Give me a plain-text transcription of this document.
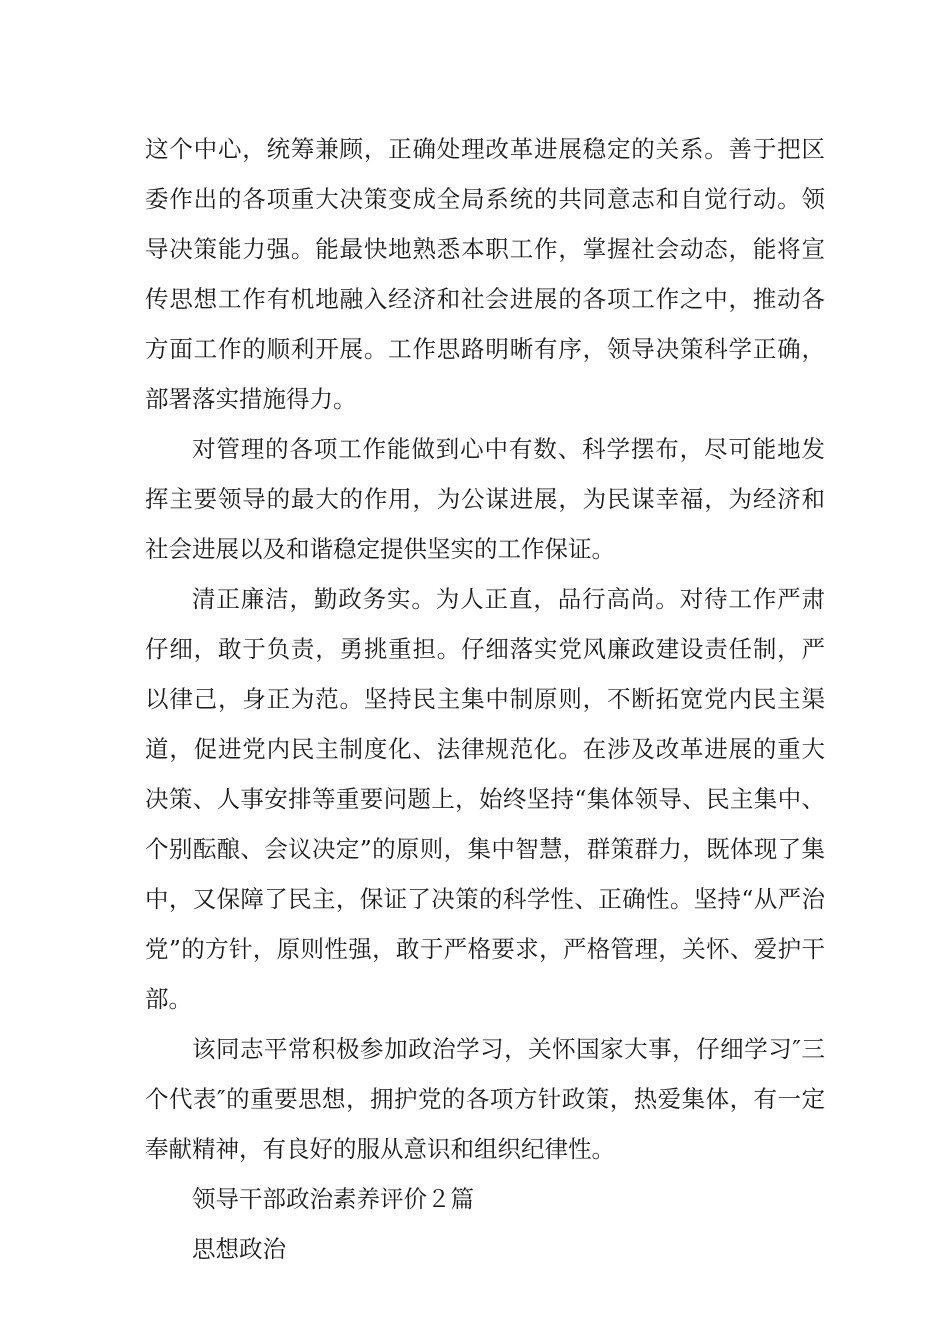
这个中心，统筹兼顾，正确处理改革进展稳定的关系。善于把区委作出的各项重大决策变成全局系统的共同意志和自觉行动。领导决策能力强。能最快地熟悉本职工作，掌握社会动态，能将宣传思想工作有机地融入经济和社会进展的各项工作之中，推动各方面工作的顺利开展。工作思路明晰有序，领导决策科学正确，部署落实措施得力。

对管理的各项工作能做到心中有数、科学摆布，尽可能地发挥主要领导的最大的作用，为公谋进展，为民谋幸福，为经济和社会进展以及和谐稳定提供坚实的工作保证。

清正廉洁，勤政务实。为人正直，品行高尚。对待工作严肃仔细，敢于负责，勇挑重担。仔细落实党风廉政建设责任制，严以律己，身正为范。坚持民主集中制原则，不断拓宽党内民主渠道，促进党内民主制度化、法律规范化。在涉及改革进展的重大决策、人事安排等重要问题上，始终坚持“集体领导、民主集中、个别酝酿、会议决定”的原则，集中智慧，群策群力，既体现了集中，又保障了民主，保证了决策的科学性、正确性。坚持“从严治党”的方针，原则性强，敢于严格要求，严格管理，关怀、爱护干部。

该同志平常积极参加政治学习，关怀国家大事，仔细学习″三个代表″的重要思想，拥护党的各项方针政策，热爱集体，有一定奉献精神，有良好的服从意识和组织纪律性。

领导干部政治素养评价２篇

思想政治
